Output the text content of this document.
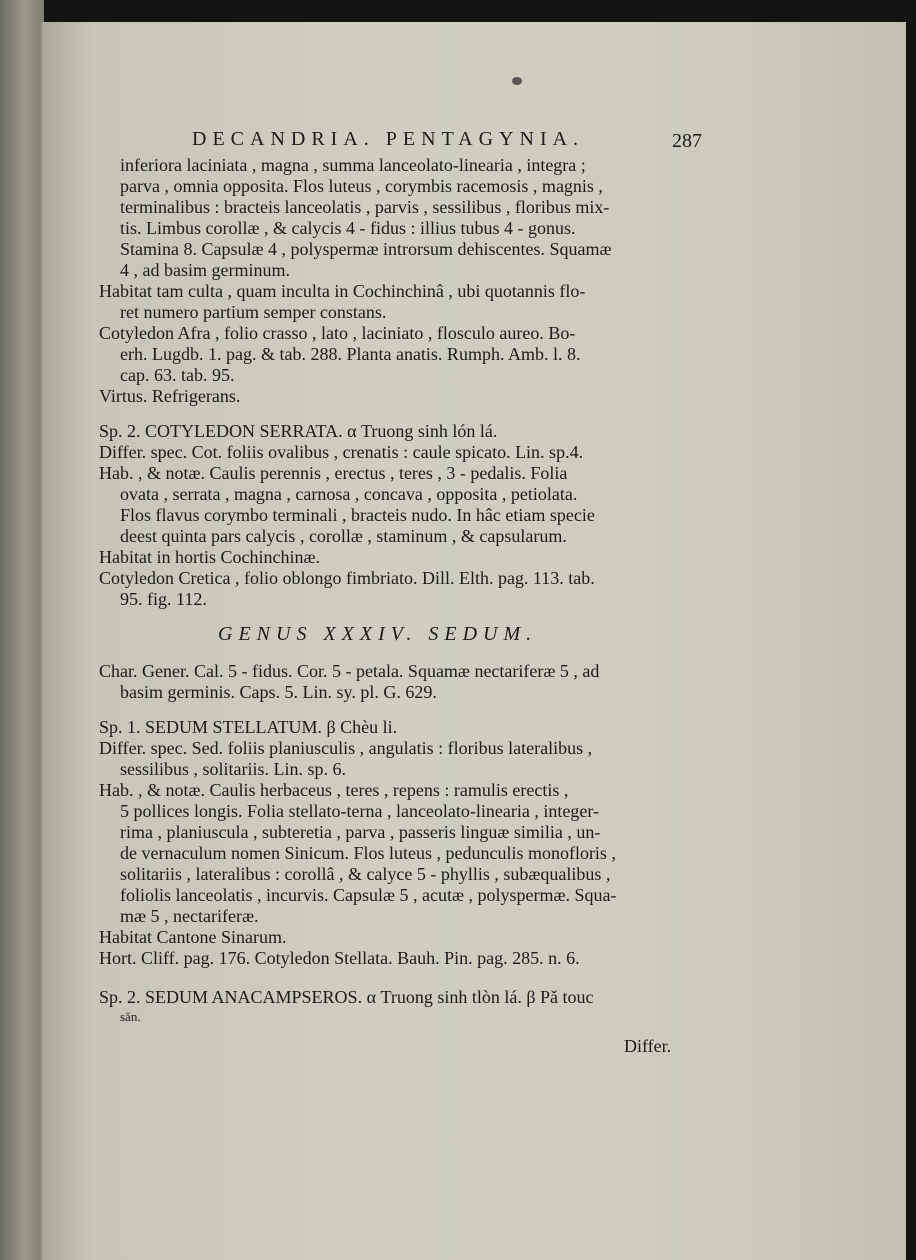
DECANDRIA. PENTAGYNIA.	287
inferiora laciniata , magna , summa lanceolato-linearia , integra ;
parva , omnia opposita. Flos luteus , corymbis racemosis , magnis ,
terminalibus : bracteis lanceolatis , parvis , sessilibus , floribus mix-
tis. Limbus corollæ , & calycis 4 - fidus : illius tubus 4 - gonus.
Stamina 8. Capsulæ 4 , polyspermæ introrsum dehiscentes. Squamæ
4 , ad basim germinum.
Habitat tam culta , quam inculta in Cochinchinâ , ubi quotannis flo-
ret numero partium semper constans.
Cotyledon Afra , folio crasso , lato , laciniato , flosculo aureo. Bo-
erh. Lugdb. 1. pag. & tab. 288. Planta anatis. Rumph. Amb. l. 8.
cap. 63. tab. 95.
Virtus. Refrigerans.
Sp. 2. COTYLEDON SERRATA. α Truong sinh lón lá.
Differ. spec. Cot. foliis ovalibus , crenatis : caule spicato. Lin. sp.4.
Hab. , & notæ. Caulis perennis , erectus , teres , 3 - pedalis. Folia
ovata , serrata , magna , carnosa , concava , opposita , petiolata.
Flos flavus corymbo terminali , bracteis nudo. In hâc etiam specie
deest quinta pars calycis , corollæ , staminum , & capsularum.
Habitat in hortis Cochinchinæ.
Cotyledon Cretica , folio oblongo fimbriato. Dill. Elth. pag. 113. tab.
95. fig. 112.
GENUS XXXIV. SEDUM.
Char. Gener. Cal. 5 - fidus. Cor. 5 - petala. Squamæ nectariferæ 5 , ad
basim germinis. Caps. 5. Lin. sy. pl. G. 629.
Sp. 1. SEDUM STELLATUM. β Chèu li.
Differ. spec. Sed. foliis planiusculis , angulatis : floribus lateralibus ,
sessilibus , solitariis. Lin. sp. 6.
Hab. , & notæ. Caulis herbaceus , teres , repens : ramulis erectis ,
5 pollices longis. Folia stellato-terna , lanceolato-linearia , integer-
rima , planiuscula , subteretia , parva , passeris linguæ similia , un-
de vernaculum nomen Sinicum. Flos luteus , pedunculis monofloris ,
solitariis , lateralibus : corollâ , & calyce 5 - phyllis , subæqualibus ,
foliolis lanceolatis , incurvis. Capsulæ 5 , acutæ , polyspermæ. Squa-
mæ 5 , nectariferæ.
Habitat Cantone Sinarum.
Hort. Cliff. pag. 176. Cotyledon Stellata. Bauh. Pin. pag. 285. n. 6.
Sp. 2. SEDUM ANACAMPSEROS. α Truong sinh tlòn lá. β Pǎ touc
sǎn.
Differ.
